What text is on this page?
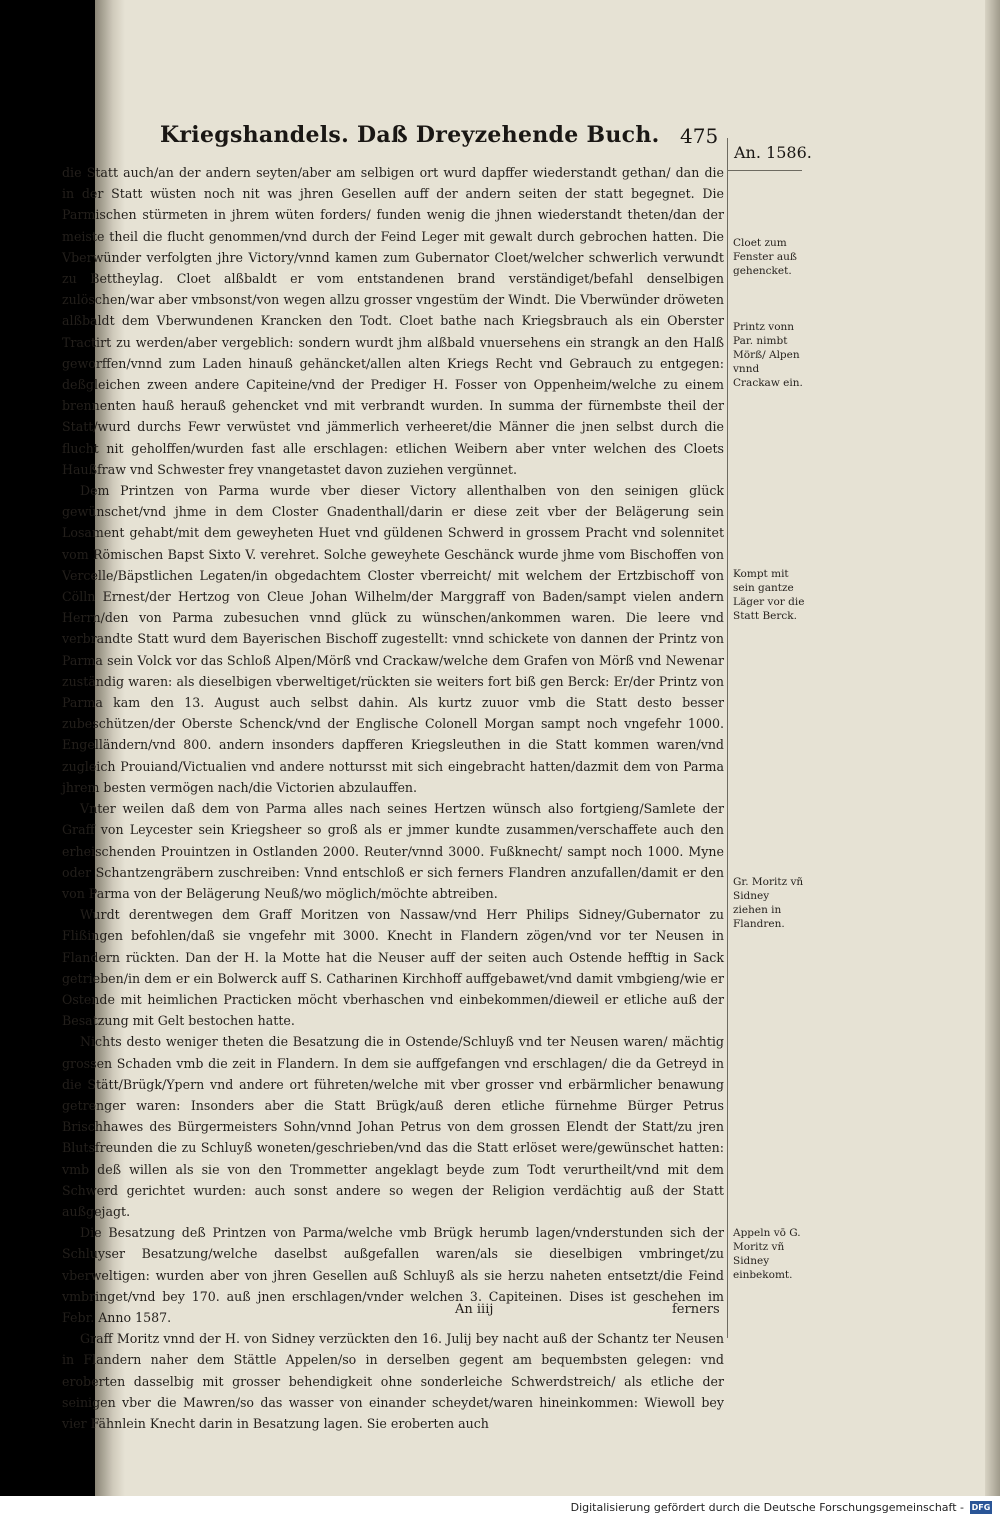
Kriegshandels. Daß Dreyzehende Buch.	475
An. 1586.

die Statt auch/an der andern seyten/aber am selbigen ort wurd dapffer wiederstandt gethan/ dan die in der Statt wüsten noch nit was jhren Gesellen auff der andern seiten der statt begegnet. Die Parmischen stürmeten in jhrem wüten forders/ funden wenig die jhnen wiederstandt theten/dan der meiste theil die flucht genommen/vnd durch der Feind Leger mit gewalt durch gebrochen hatten. Die Vberwünder verfolgten jhre Victory/vnnd kamen zum Gubernator Cloet/welcher schwerlich verwundt zu Bettheylag. Cloet alßbaldt er vom entstandenen brand verständiget/befahl denselbigen zulöschen/war aber vmbsonst/von wegen allzu grosser vngestüm der Windt. Die Vberwünder dröweten alßbaldt dem Vberwundenen Krancken den Todt. Cloet bathe nach Kriegsbrauch als ein Oberster Tractirt zu werden/aber vergeblich: sondern wurdt jhm alßbald vnuersehens ein strangk an den Halß geworffen/vnnd zum Laden hinauß gehäncket/allen alten Kriegs Recht vnd Gebrauch zu entgegen: deßgleichen zween andere Capiteine/vnd der Prediger H. Fosser von Oppenheim/welche zu einem brennenten hauß herauß gehencket vnd mit verbrandt wurden. In summa der fürnembste theil der Statt/wurd durchs Fewr verwüstet vnd jämmerlich verheeret/die Männer die jnen selbst durch die flucht nit geholffen/wurden fast alle erschlagen: etlichen Weibern aber vnter welchen des Cloets Haußfraw vnd Schwester frey vnangetastet davon zuziehen vergünnet.

Dem Printzen von Parma wurde vber dieser Victory allenthalben von den seinigen glück gewünschet/vnd jhme in dem Closter Gnadenthall/darin er diese zeit vber der Belägerung sein Losament gehabt/mit dem geweyheten Huet vnd güldenen Schwerd in grossem Pracht vnd solennitet vom Römischen Bapst Sixto V. verehret. Solche geweyhete Geschänck wurde jhme vom Bischoffen von Vercelle/Bäpstlichen Legaten/in obgedachtem Closter vberreicht/ mit welchem der Ertzbischoff von Cölln Ernest/der Hertzog von Cleue Johan Wilhelm/der Marggraff von Baden/sampt vielen andern Herrn/den von Parma zubesuchen vnnd glück zu wünschen/ankommen waren. Die leere vnd verbrandte Statt wurd dem Bayerischen Bischoff zugestellt: vnnd schickete von dannen der Printz von Parma sein Volck vor das Schloß Alpen/Mörß vnd Crackaw/welche dem Grafen von Mörß vnd Newenar zuständig waren: als dieselbigen vberweltiget/rückten sie weiters fort biß gen Berck: Er/der Printz von Parma kam den 13. August auch selbst dahin. Als kurtz zuuor vmb die Statt desto besser zubeschützen/der Oberste Schenck/vnd der Englische Colonell Morgan sampt noch vngefehr 1000. Engelländern/vnd 800. andern insonders dapfferen Kriegsleuthen in die Statt kommen waren/vnd zugleich Prouiand/Victualien vnd andere nottursst mit sich eingebracht hatten/dazmit dem von Parma jhrem besten vermögen nach/die Victorien abzulauffen.

Vnter weilen daß dem von Parma alles nach seines Hertzen wünsch also fortgieng/Samlete der Graff von Leycester sein Kriegsheer so groß als er jmmer kundte zusammen/verschaffete auch den erheischenden Prouintzen in Ostlanden 2000. Reuter/vnnd 3000. Fußknecht/ sampt noch 1000. Myne oder Schantzengräbern zuschreiben: Vnnd entschloß er sich ferners Flandren anzufallen/damit er den von Parma von der Belägerung Neuß/wo möglich/möchte abtreiben.

Wurdt derentwegen dem Graff Moritzen von Nassaw/vnd Herr Philips Sidney/Gubernator zu Flißingen befohlen/daß sie vngefehr mit 3000. Knecht in Flandern zögen/vnd vor ter Neusen in Flandern rückten. Dan der H. la Motte hat die Neuser auff der seiten auch Ostende hefftig in Sack getrieben/in dem er ein Bolwerck auff S. Catharinen Kirchhoff auffgebawet/vnd damit vmbgieng/wie er Ostende mit heimlichen Practicken möcht vberhaschen vnd einbekommen/dieweil er etliche auß der Besatzung mit Gelt bestochen hatte.

Nichts desto weniger theten die Besatzung die in Ostende/Schluyß vnd ter Neusen waren/ mächtig grossen Schaden vmb die zeit in Flandern. In dem sie auffgefangen vnd erschlagen/ die da Getreyd in die Stätt/Brügk/Ypern vnd andere ort führeten/welche mit vber grosser vnd erbärmlicher benawung getrenger waren: Insonders aber die Statt Brügk/auß deren etliche fürnehme Bürger Petrus Brischhawes des Bürgermeisters Sohn/vnnd Johan Petrus von dem grossen Elendt der Statt/zu jren Blutsfreunden die zu Schluyß woneten/geschrieben/vnd das die Statt erlöset were/gewünschet hatten: vmb deß willen als sie von den Trommetter angeklagt beyde zum Todt verurtheilt/vnd mit dem Schwerd gerichtet wurden: auch sonst andere so wegen der Religion verdächtig auß der Statt außgejagt.

Die Besatzung deß Printzen von Parma/welche vmb Brügk herumb lagen/vnderstunden sich der Schluyser Besatzung/welche daselbst außgefallen waren/als sie dieselbigen vmbringet/zu vberweltigen: wurden aber von jhren Gesellen auß Schluyß als sie herzu naheten entsetzt/die Feind vmbringet/vnd bey 170. auß jnen erschlagen/vnder welchen 3. Capiteinen. Dises ist geschehen im Febr. Anno 1587.

Graff Moritz vnnd der H. von Sidney verzückten den 16. Julij bey nacht auß der Schantz ter Neusen in Flandern naher dem Stättle Appelen/so in derselben gegent am bequembsten gelegen: vnd eroberten dasselbig mit grosser behendigkeit ohne sonderleiche Schwerdstreich/ als etliche der seinigen vber die Mawren/so das wasser von einander scheydet/waren hineinkommen: Wiewoll bey vier Fähnlein Knecht darin in Besatzung lagen. Sie eroberten auch

An iiij	ferners
Cloet zum Fenster auß gehencket.
Printz vonn Par. nimbt Mörß/ Alpen vnnd Crackaw ein.
Kompt mit sein gantze Läger vor die Statt Berck.
Gr. Moritz vñ Sidney ziehen in Flandren.
Appeln vō G. Moritz vñ Sidney einbekomt.
Digitalisierung gefördert durch die Deutsche Forschungsgemeinschaft - DFG
